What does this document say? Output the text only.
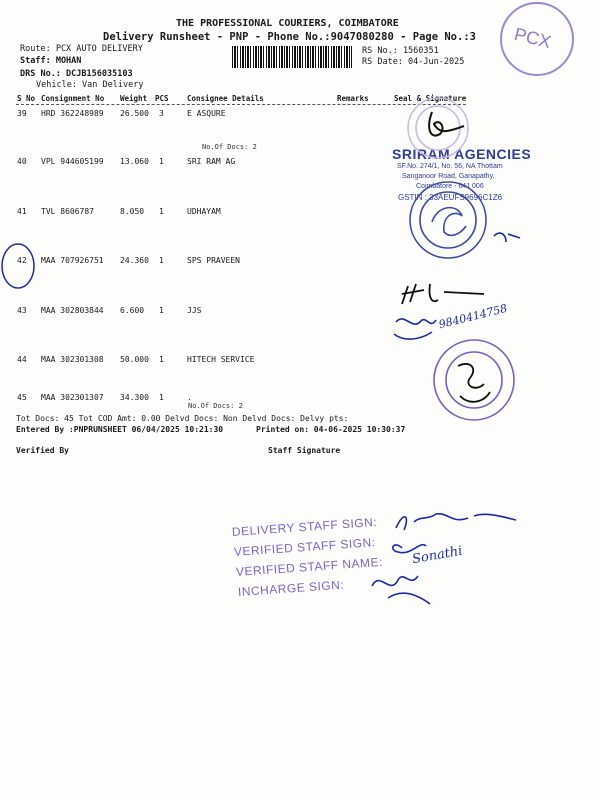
PCX
THE PROFESSIONAL COURIERS, COIMBATORE
Delivery Runsheet - PNP - Phone No.:9047080280 - Page No.:3
Route: PCX AUTO DELIVERY
Staff: MOHAN
DRS No.: DCJB156035103
Vehicle: Van Delivery
RS No.: 1560351
RS Date: 04-Jun-2025
S No Consignment No Weight PCS Consignee Details	Remarks	Seal & Signature
39 HRD 362248989 26.500 3	E ASQURE
No.Of Docs: 2
40 VPL 944605199 13.060 1	SRI RAM AG
41 TVL 8606787	8.050 1	UDHAYAM
42 MAA 707926751 24.360 1	SPS PRAVEEN
43 MAA 302803844 6.600 1	JJS
44 MAA 302301308 50.000 1	HITECH SERVICE
45 MAA 302301307 34.300 1	.
No.Of Docs: 2
Tot Docs: 45 Tot COD Amt: 0.00 Delvd Docs: Non Delvd Docs: Delvy pts:
Entered By :PNPRUNSHEET 06/04/2025 10:21:30	Printed on: 04-06-2025 10:30:37
Verified By	Staff Signature
SRIRAM AGENCIES
SF.No. 274/1, No. 56, NA Thottam
Sanganoor Road, Ganapathy,
Coimbatore - 641 006
GSTIN : 33AEUFS9696C1Z6
DELIVERY STAFF SIGN:
VERIFIED STAFF SIGN:
VERIFIED STAFF NAME:
INCHARGE SIGN:
9840414758
Sonathi
